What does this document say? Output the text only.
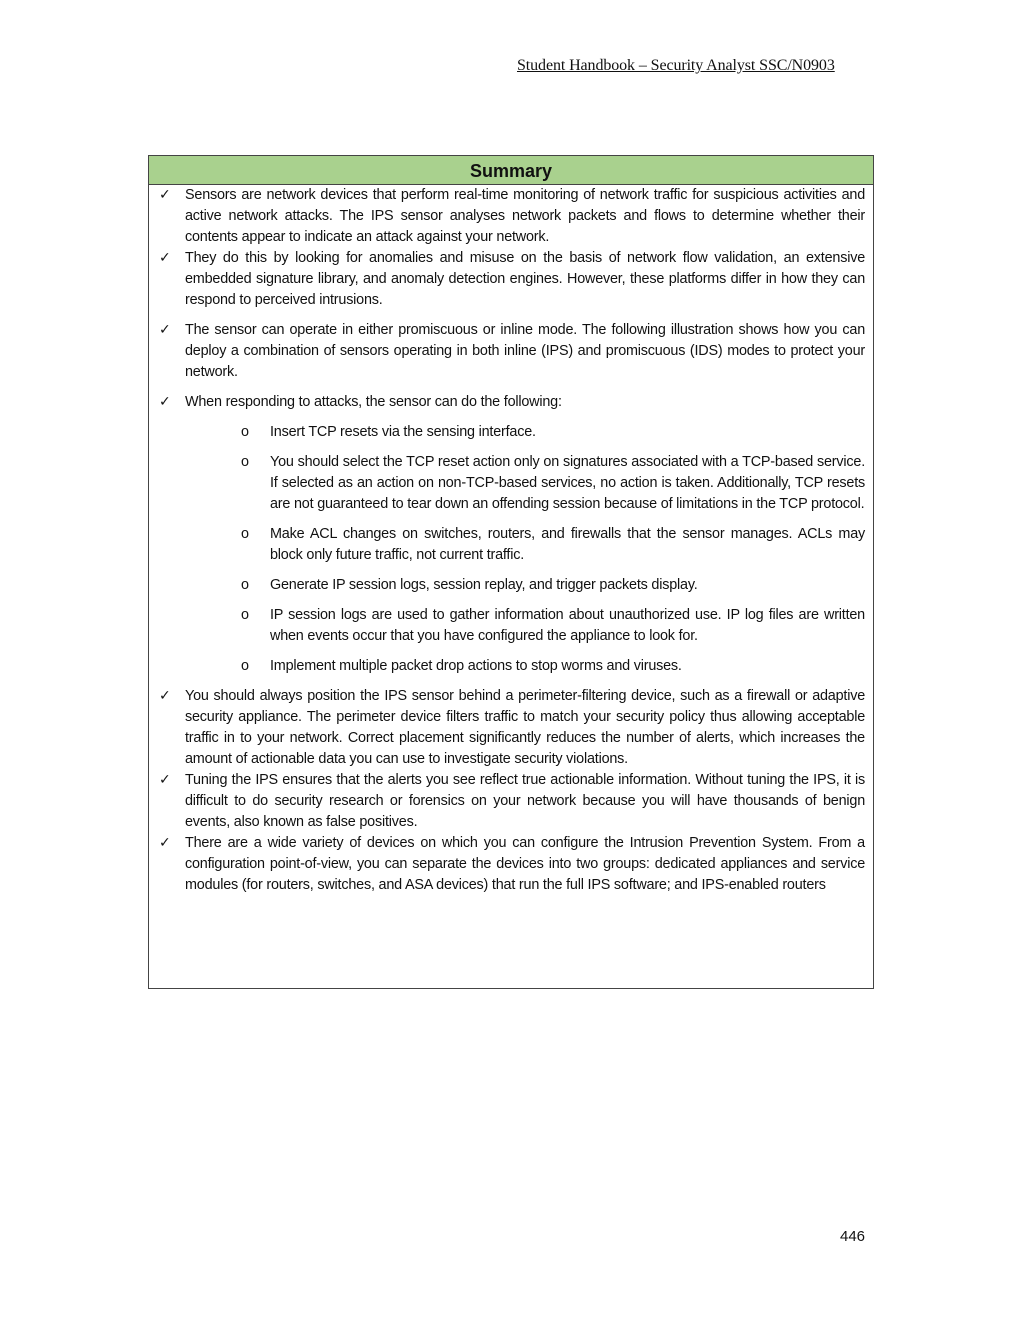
Student Handbook – Security Analyst SSC/N0903
Summary
✓ Sensors are network devices that perform real-time monitoring of network traffic for suspicious activities and active network attacks. The IPS sensor analyses network packets and flows to determine whether their contents appear to indicate an attack against your network.
✓ They do this by looking for anomalies and misuse on the basis of network flow validation, an extensive embedded signature library, and anomaly detection engines. However, these platforms differ in how they can respond to perceived intrusions.
✓ The sensor can operate in either promiscuous or inline mode. The following illustration shows how you can deploy a combination of sensors operating in both inline (IPS) and promiscuous (IDS) modes to protect your network.
✓ When responding to attacks, the sensor can do the following:
o	Insert TCP resets via the sensing interface.
o	You should select the TCP reset action only on signatures associated with a TCP-based service. If selected as an action on non-TCP-based services, no action is taken. Additionally, TCP resets are not guaranteed to tear down an offending session because of limitations in the TCP protocol.
o	Make ACL changes on switches, routers, and firewalls that the sensor manages. ACLs may block only future traffic, not current traffic.
o	Generate IP session logs, session replay, and trigger packets display.
o	IP session logs are used to gather information about unauthorized use. IP log files are written when events occur that you have configured the appliance to look for.
o	Implement multiple packet drop actions to stop worms and viruses.
✓ You should always position the IPS sensor behind a perimeter-filtering device, such as a firewall or adaptive security appliance. The perimeter device filters traffic to match your security policy thus allowing acceptable traffic in to your network. Correct placement significantly reduces the number of alerts, which increases the amount of actionable data you can use to investigate security violations.
✓ Tuning the IPS ensures that the alerts you see reflect true actionable information. Without tuning the IPS, it is difficult to do security research or forensics on your network because you will have thousands of benign events, also known as false positives.
✓ There are a wide variety of devices on which you can configure the Intrusion Prevention System. From a configuration point-of-view, you can separate the devices into two groups: dedicated appliances and service modules (for routers, switches, and ASA devices) that run the full IPS software; and IPS-enabled routers
446
